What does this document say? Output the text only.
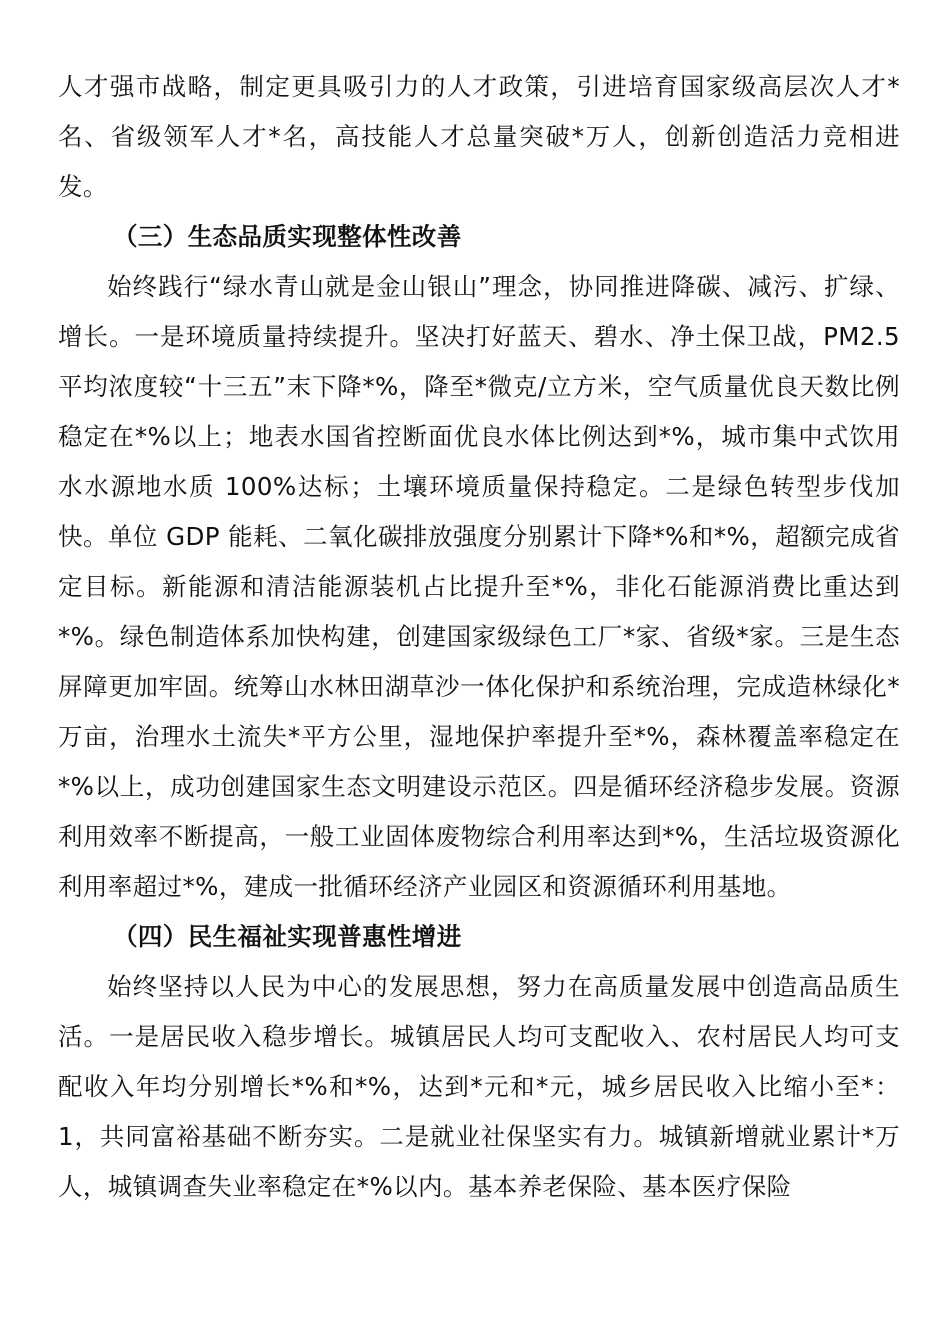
人才强市战略，制定更具吸引力的人才政策，引进培育国家级高层次人才*名、省级领军人才*名，高技能人才总量突破*万人，创新创造活力竞相进发。

（三）生态品质实现整体性改善

始终践行“绿水青山就是金山银山”理念，协同推进降碳、减污、扩绿、增长。一是环境质量持续提升。坚决打好蓝天、碧水、净土保卫战，PM2.5 平均浓度较“十三五”末下降*%，降至*微克/立方米，空气质量优良天数比例稳定在*%以上；地表水国省控断面优良水体比例达到*%，城市集中式饮用水水源地水质 100%达标；土壤环境质量保持稳定。二是绿色转型步伐加快。单位 GDP 能耗、二氧化碳排放强度分别累计下降*%和*%，超额完成省定目标。新能源和清洁能源装机占比提升至*%，非化石能源消费比重达到*%。绿色制造体系加快构建，创建国家级绿色工厂*家、省级*家。三是生态屏障更加牢固。统筹山水林田湖草沙一体化保护和系统治理，完成造林绿化*万亩，治理水土流失*平方公里，湿地保护率提升至*%，森林覆盖率稳定在*%以上，成功创建国家生态文明建设示范区。四是循环经济稳步发展。资源利用效率不断提高，一般工业固体废物综合利用率达到*%，生活垃圾资源化利用率超过*%，建成一批循环经济产业园区和资源循环利用基地。

（四）民生福祉实现普惠性增进

始终坚持以人民为中心的发展思想，努力在高质量发展中创造高品质生活。一是居民收入稳步增长。城镇居民人均可支配收入、农村居民人均可支配收入年均分别增长*%和*%，达到*元和*元，城乡居民收入比缩小至*：1，共同富裕基础不断夯实。二是就业社保坚实有力。城镇新增就业累计*万人，城镇调查失业率稳定在*%以内。基本养老保险、基本医疗保险
